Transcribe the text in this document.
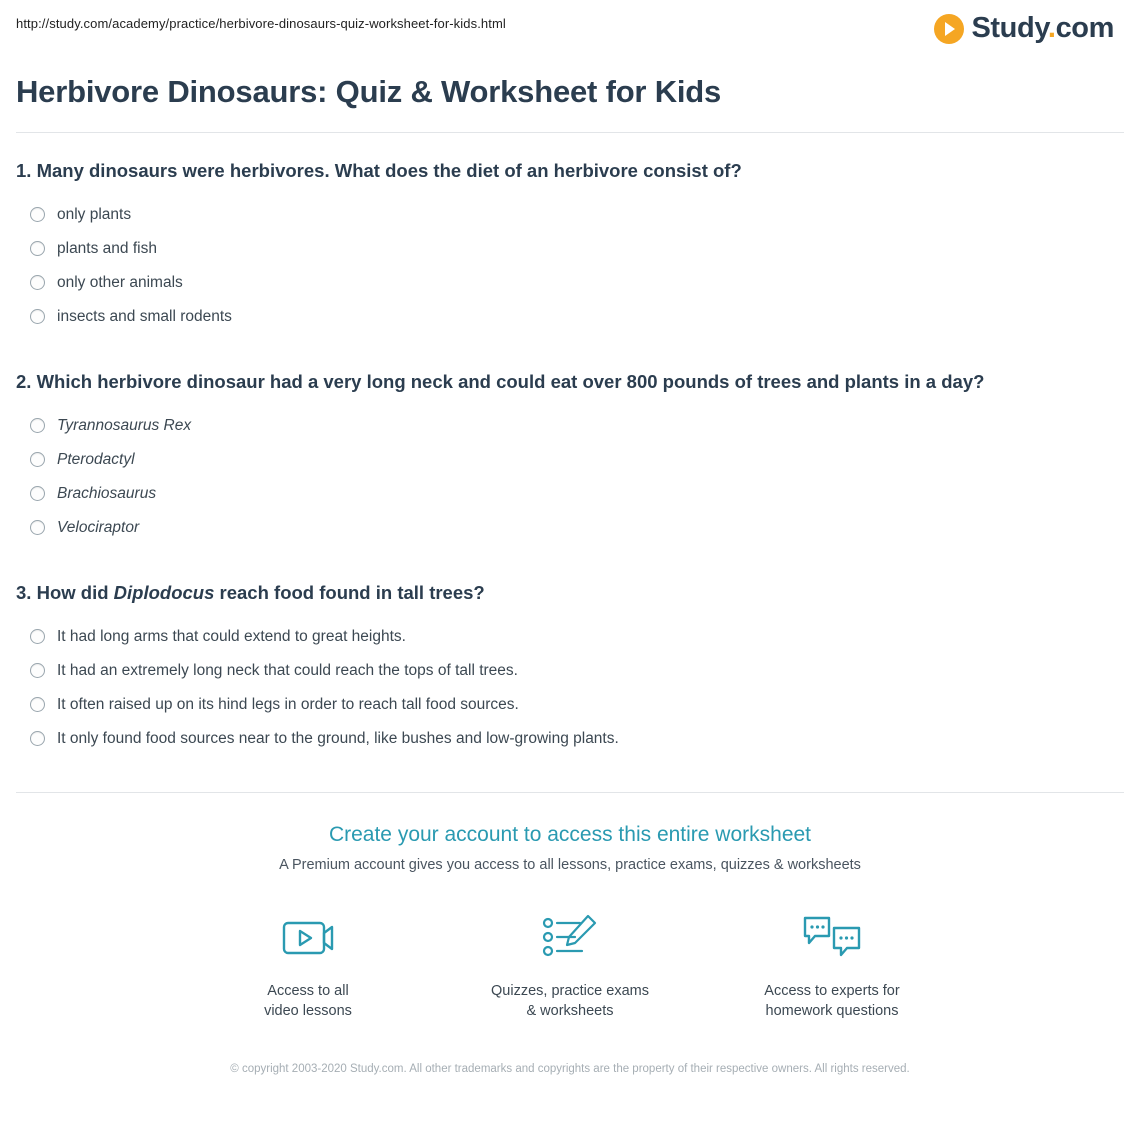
http://study.com/academy/practice/herbivore-dinosaurs-quiz-worksheet-for-kids.html	Study.com
Herbivore Dinosaurs: Quiz & Worksheet for Kids

1. Many dinosaurs were herbivores. What does the diet of an herbivore consist of?

only plants
plants and fish
only other animals
insects and small rodents

2. Which herbivore dinosaur had a very long neck and could eat over 800 pounds of trees and plants in a day?

Tyrannosaurus Rex
Pterodactyl
Brachiosaurus
Velociraptor

3. How did Diplodocus reach food found in tall trees?

It had long arms that could extend to great heights.
It had an extremely long neck that could reach the tops of tall trees.
It often raised up on its hind legs in order to reach tall food sources.
It only found food sources near to the ground, like bushes and low-growing plants.
Create your account to access this entire worksheet

A Premium account gives you access to all lessons, practice exams, quizzes & worksheets

Access to all
video lessons
Quizzes, practice exams
& worksheets
Access to experts for
homework questions
© copyright 2003-2020 Study.com. All other trademarks and copyrights are the property of their respective owners. All rights reserved.
